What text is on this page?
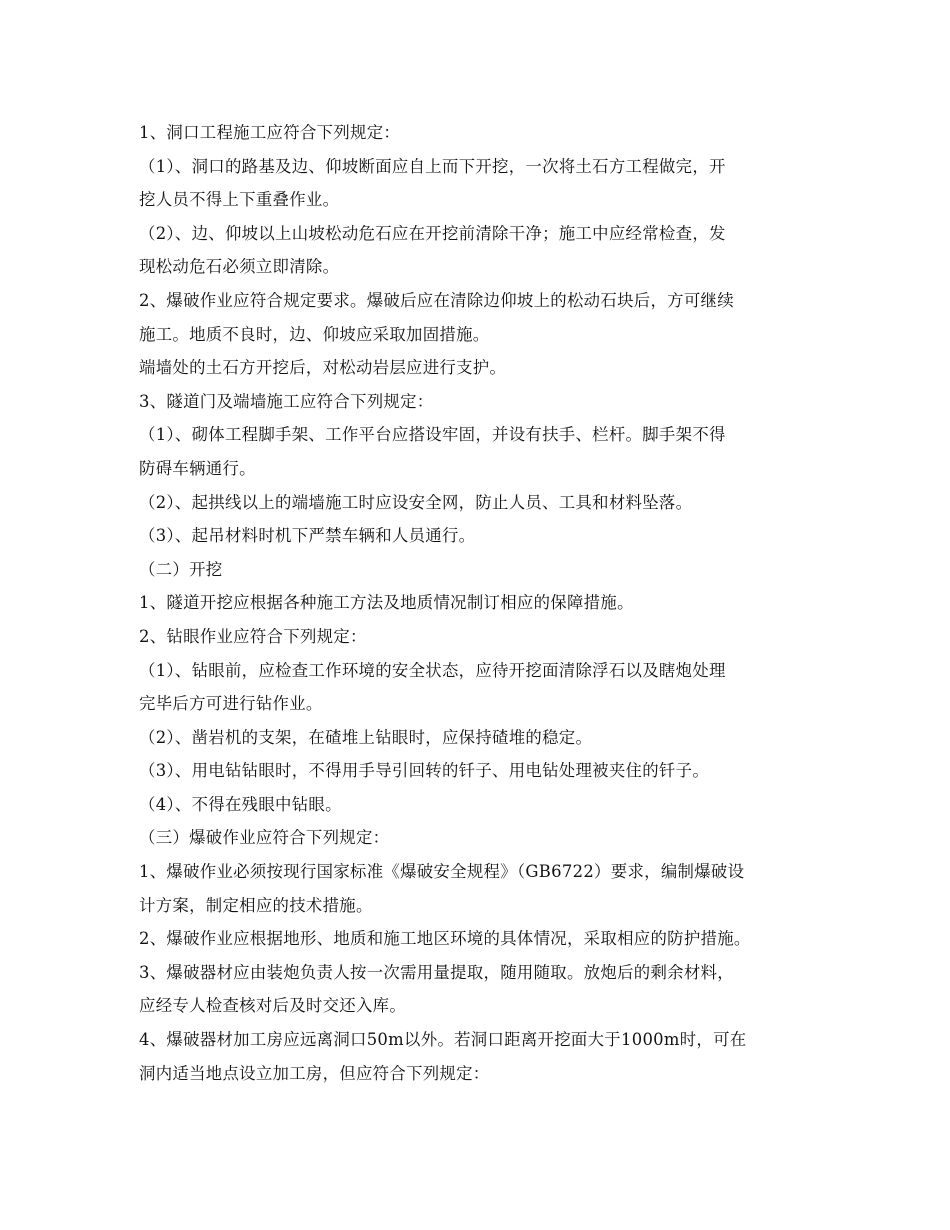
1、洞口工程施工应符合下列规定：
（1）、洞口的路基及边、仰坡断面应自上而下开挖，一次将土石方工程做完，开
挖人员不得上下重叠作业。
（2）、边、仰坡以上山坡松动危石应在开挖前清除干净；施工中应经常检查，发
现松动危石必须立即清除。
2、爆破作业应符合规定要求。爆破后应在清除边仰坡上的松动石块后，方可继续
施工。地质不良时，边、仰坡应采取加固措施。
端墙处的土石方开挖后，对松动岩层应进行支护。
3、隧道门及端墙施工应符合下列规定：
（1）、砌体工程脚手架、工作平台应搭设牢固，并设有扶手、栏杆。脚手架不得
防碍车辆通行。
（2）、起拱线以上的端墙施工时应设安全网，防止人员、工具和材料坠落。
（3）、起吊材料时机下严禁车辆和人员通行。
（二）开挖
1、隧道开挖应根据各种施工方法及地质情况制订相应的保障措施。
2、钻眼作业应符合下列规定：
（1）、钻眼前，应检查工作环境的安全状态，应待开挖面清除浮石以及瞎炮处理
完毕后方可进行钻作业。
（2）、凿岩机的支架，在碴堆上钻眼时，应保持碴堆的稳定。
（3）、用电钻钻眼时，不得用手导引回转的钎子、用电钻处理被夹住的钎子。
（4）、不得在残眼中钻眼。
（三）爆破作业应符合下列规定：
1、爆破作业必须按现行国家标准《爆破安全规程》（GB6722）要求，编制爆破设
计方案，制定相应的技术措施。
2、爆破作业应根据地形、地质和施工地区环境的具体情况，采取相应的防护措施。
3、爆破器材应由装炮负责人按一次需用量提取，随用随取。放炮后的剩余材料，
应经专人检查核对后及时交还入库。
4、爆破器材加工房应远离洞口50m以外。若洞口距离开挖面大于1000m时，可在
洞内适当地点设立加工房，但应符合下列规定：
